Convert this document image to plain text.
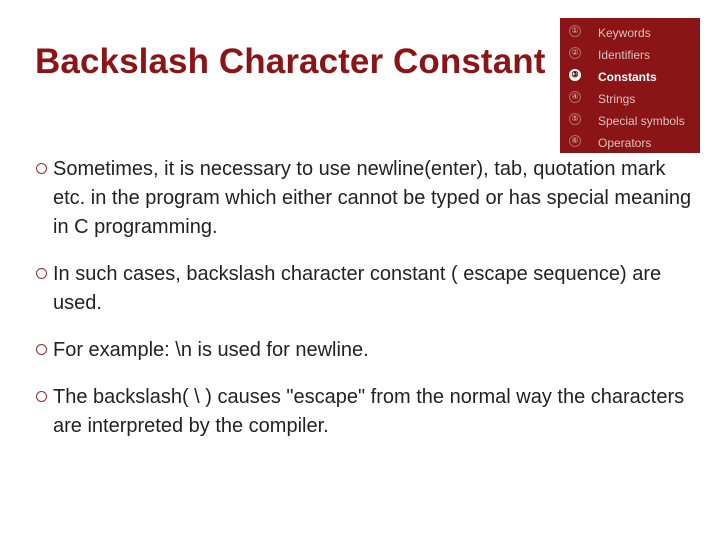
Backslash Character Constant
① Keywords
② Identifiers
③ Constants
④ Strings
⑤ Special symbols
⑥ Operators
Sometimes, it is necessary to use newline(enter), tab, quotation mark etc. in the program which either cannot be typed or has special meaning in C programming.
In such cases, backslash character constant ( escape sequence) are used.
For example: \n is used for newline.
The backslash( \ ) causes "escape" from the normal way the characters are interpreted by the compiler.
